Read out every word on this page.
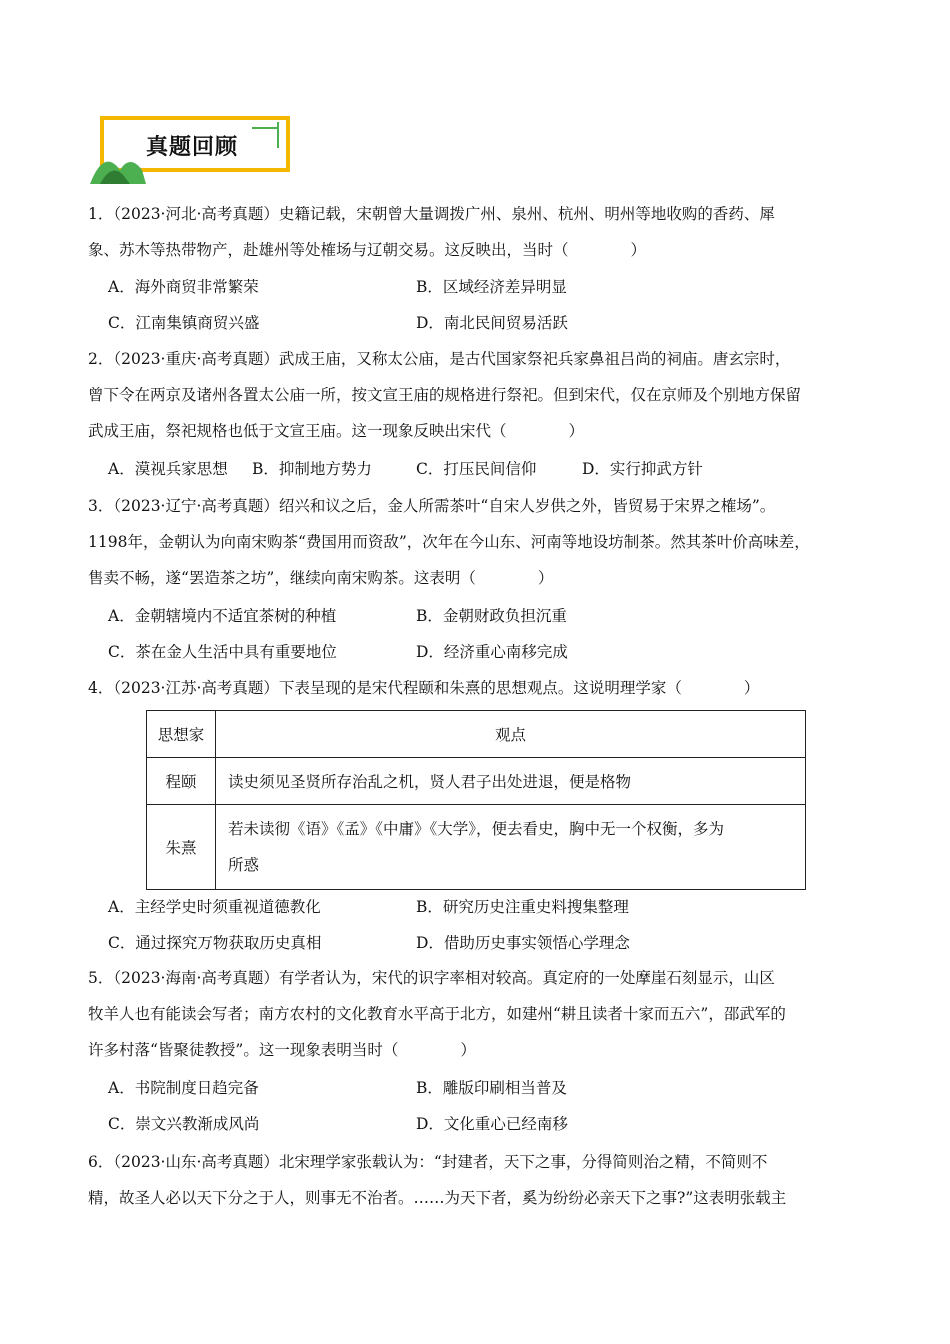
真题回顾

1．（2023·河北·高考真题）史籍记载，宋朝曾大量调拨广州、泉州、杭州、明州等地收购的香药、犀

象、苏木等热带物产，赴雄州等处榷场与辽朝交易。这反映出，当时（　　　　）

A．海外商贸非常繁荣	B．区域经济差异明显
C．江南集镇商贸兴盛	D．南北民间贸易活跃

2．（2023·重庆·高考真题）武成王庙，又称太公庙，是古代国家祭祀兵家鼻祖吕尚的祠庙。唐玄宗时，

曾下令在两京及诸州各置太公庙一所，按文宣王庙的规格进行祭祀。但到宋代，仅在京师及个别地方保留

武成王庙，祭祀规格也低于文宣王庙。这一现象反映出宋代（　　　　）

A．漠视兵家思想 B．抑制地方势力	C．打压民间信仰	D．实行抑武方针

3．（2023·辽宁·高考真题）绍兴和议之后，金人所需茶叶“自宋人岁供之外，皆贸易于宋界之榷场”。

1198年，金朝认为向南宋购茶“费国用而资敌”，次年在今山东、河南等地设坊制茶。然其茶叶价高味差，

售卖不畅，遂“罢造茶之坊”，继续向南宋购茶。这表明（　　　　）

A．金朝辖境内不适宜茶树的种植	B．金朝财政负担沉重
C．茶在金人生活中具有重要地位	D．经济重心南移完成

4．（2023·江苏·高考真题）下表呈现的是宋代程颐和朱熹的思想观点。这说明理学家（　　　　）

思想家	观点
程颐	读史须见圣贤所存治乱之机，贤人君子出处进退，便是格物
朱熹	若未读彻《语》《孟》《中庸》《大学》，便去看史，胸中无一个权衡，多为
所惑
A．主经学史时须重视道德教化	B．研究历史注重史料搜集整理
C．通过探究万物获取历史真相	D．借助历史事实领悟心学理念

5．（2023·海南·高考真题）有学者认为，宋代的识字率相对较高。真定府的一处摩崖石刻显示，山区

牧羊人也有能读会写者；南方农村的文化教育水平高于北方，如建州“耕且读者十家而五六”，邵武军的

许多村落“皆聚徒教授”。这一现象表明当时（　　　　）

A．书院制度日趋完备	B．雕版印刷相当普及
C．崇文兴教渐成风尚	D．文化重心已经南移

6．（2023·山东·高考真题）北宋理学家张载认为：“封建者，天下之事，分得简则治之精，不简则不

精，故圣人必以天下分之于人，则事无不治者。……为天下者，奚为纷纷必亲天下之事?”这表明张载主
